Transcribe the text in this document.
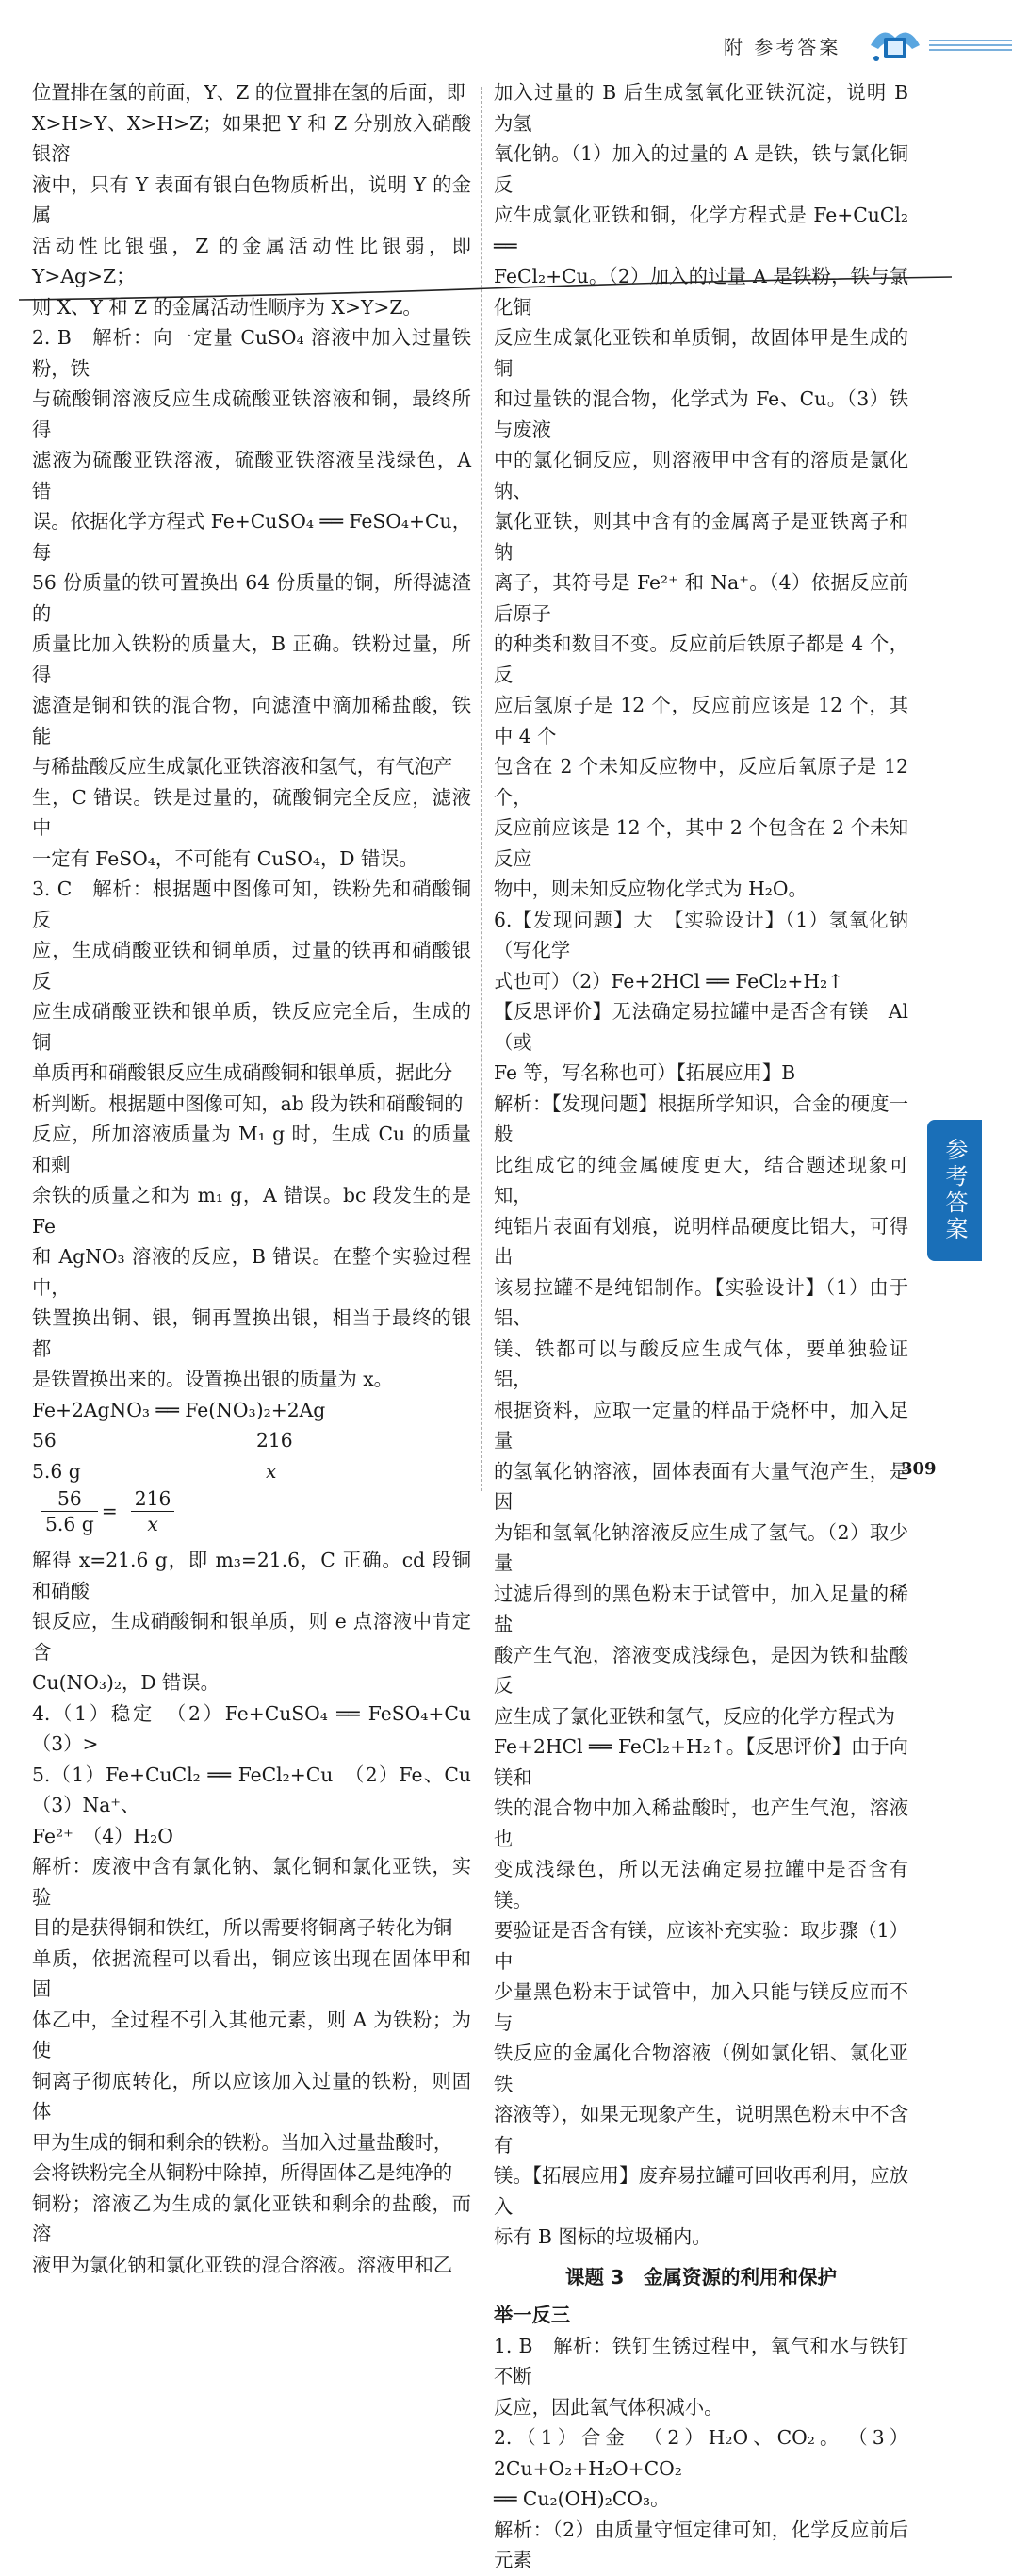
附 参考答案

位置排在氢的前面，Y、Z 的位置排在氢的后面，即

X>H>Y、X>H>Z；如果把 Y 和 Z 分别放入硝酸银溶

液中，只有 Y 表面有银白色物质析出，说明 Y 的金属

活动性比银强，Z 的金属活动性比银弱，即 Y>Ag>Z；

则 X、Y 和 Z 的金属活动性顺序为 X>Y>Z。

2. B　解析：向一定量 CuSO₄ 溶液中加入过量铁粉，铁

与硫酸铜溶液反应生成硫酸亚铁溶液和铜，最终所得

滤液为硫酸亚铁溶液，硫酸亚铁溶液呈浅绿色，A 错

误。依据化学方程式 Fe+CuSO₄ ══ FeSO₄+Cu，每

56 份质量的铁可置换出 64 份质量的铜，所得滤渣的

质量比加入铁粉的质量大，B 正确。铁粉过量，所得

滤渣是铜和铁的混合物，向滤渣中滴加稀盐酸，铁能

与稀盐酸反应生成氯化亚铁溶液和氢气，有气泡产

生，C 错误。铁是过量的，硫酸铜完全反应，滤液中

一定有 FeSO₄，不可能有 CuSO₄，D 错误。

3. C　解析：根据题中图像可知，铁粉先和硝酸铜反

应，生成硝酸亚铁和铜单质，过量的铁再和硝酸银反

应生成硝酸亚铁和银单质，铁反应完全后，生成的铜

单质再和硝酸银反应生成硝酸铜和银单质，据此分

析判断。根据题中图像可知，ab 段为铁和硝酸铜的

反应，所加溶液质量为 M₁ g 时，生成 Cu 的质量和剩

余铁的质量之和为 m₁ g，A 错误。bc 段发生的是 Fe

和 AgNO₃ 溶液的反应，B 错误。在整个实验过程中，

铁置换出铜、银，铜再置换出银，相当于最终的银都

是铁置换出来的。设置换出银的质量为 x。

Fe+2AgNO₃ ══ Fe(NO₃)₂+2Ag

56	216
5.6 g	x
$\frac{56}{5.6 g} = \frac{216}{x}$

解得 x=21.6 g，即 m₃=21.6，C 正确。cd 段铜和硝酸

银反应，生成硝酸铜和银单质，则 e 点溶液中肯定含

Cu(NO₃)₂，D 错误。

4.（1）稳定　（2）Fe+CuSO₄ ══ FeSO₄+Cu　（3）>

5.（1）Fe+CuCl₂ ══ FeCl₂+Cu　（2）Fe、Cu　（3）Na⁺、

Fe²⁺　（4）H₂O

解析：废液中含有氯化钠、氯化铜和氯化亚铁，实验

目的是获得铜和铁红，所以需要将铜离子转化为铜

单质，依据流程可以看出，铜应该出现在固体甲和固

体乙中，全过程不引入其他元素，则 A 为铁粉；为使

铜离子彻底转化，所以应该加入过量的铁粉，则固体

甲为生成的铜和剩余的铁粉。当加入过量盐酸时，

会将铁粉完全从铜粉中除掉，所得固体乙是纯净的

铜粉；溶液乙为生成的氯化亚铁和剩余的盐酸，而溶

液甲为氯化钠和氯化亚铁的混合溶液。溶液甲和乙

加入过量的 B 后生成氢氧化亚铁沉淀，说明 B 为氢

氧化钠。（1）加入的过量的 A 是铁，铁与氯化铜反

应生成氯化亚铁和铜，化学方程式是 Fe+CuCl₂ ══

FeCl₂+Cu。（2）加入的过量 A 是铁粉，铁与氯化铜

反应生成氯化亚铁和单质铜，故固体甲是生成的铜

和过量铁的混合物，化学式为 Fe、Cu。（3）铁与废液

中的氯化铜反应，则溶液甲中含有的溶质是氯化钠、

氯化亚铁，则其中含有的金属离子是亚铁离子和钠

离子，其符号是 Fe²⁺ 和 Na⁺。（4）依据反应前后原子

的种类和数目不变。反应前后铁原子都是 4 个，反

应后氢原子是 12 个，反应前应该是 12 个，其中 4 个

包含在 2 个未知反应物中，反应后氧原子是 12 个，

反应前应该是 12 个，其中 2 个包含在 2 个未知反应

物中，则未知反应物化学式为 H₂O。

6.【发现问题】大　【实验设计】（1）氢氧化钠（写化学

式也可）（2）Fe+2HCl ══ FeCl₂+H₂↑

【反思评价】无法确定易拉罐中是否含有镁　Al（或

Fe 等，写名称也可）【拓展应用】B

解析：【发现问题】根据所学知识，合金的硬度一般

比组成它的纯金属硬度更大，结合题述现象可知，

纯铝片表面有划痕，说明样品硬度比铝大，可得出

该易拉罐不是纯铝制作。【实验设计】（1）由于铝、

镁、铁都可以与酸反应生成气体，要单独验证铝，

根据资料，应取一定量的样品于烧杯中，加入足量

的氢氧化钠溶液，固体表面有大量气泡产生，是因

为铝和氢氧化钠溶液反应生成了氢气。（2）取少量

过滤后得到的黑色粉末于试管中，加入足量的稀盐

酸产生气泡，溶液变成浅绿色，是因为铁和盐酸反

应生成了氯化亚铁和氢气，反应的化学方程式为

Fe+2HCl ══ FeCl₂+H₂↑。【反思评价】由于向镁和

铁的混合物中加入稀盐酸时，也产生气泡，溶液也

变成浅绿色，所以无法确定易拉罐中是否含有镁。

要验证是否含有镁，应该补充实验：取步骤（1）中

少量黑色粉末于试管中，加入只能与镁反应而不与

铁反应的金属化合物溶液（例如氯化铝、氯化亚铁

溶液等），如果无现象产生，说明黑色粉末中不含有

镁。【拓展应用】废弃易拉罐可回收再利用，应放入

标有 B 图标的垃圾桶内。

课题 3　金属资源的利用和保护

举一反三

1. B　解析：铁钉生锈过程中，氧气和水与铁钉不断

反应，因此氧气体积减小。

2.（1）合金　（2）H₂O、CO₂。　（3）2Cu+O₂+H₂O+CO₂

══ Cu₂(OH)₂CO₃。

解析：（2）由质量守恒定律可知，化学反应前后元素

参考答案
309
